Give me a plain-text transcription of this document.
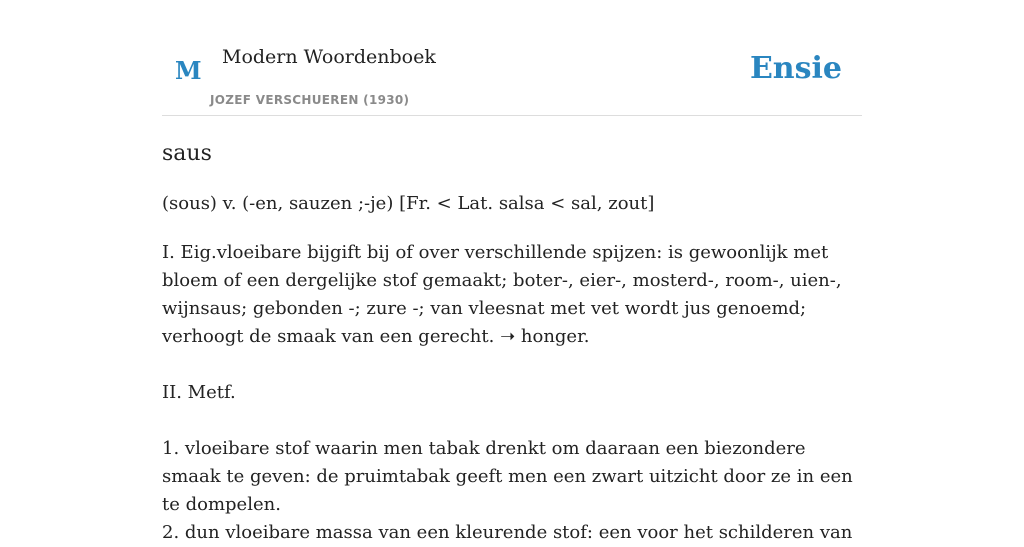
M Modern Woordenboek
JOZEF VERSCHUEREN (1930)
Ensie
saus
(sous) v. (-en, sauzen ;-je) [Fr. < Lat. salsa < sal, zout]

I. Eig.vloeibare bijgift bij of over verschillende spijzen: is gewoonlijk met bloem of een dergelijke stof gemaakt; boter-, eier-, mosterd-, room-, uien-, wijnsaus; gebonden -; zure -; van vleesnat met vet wordt jus genoemd; verhoogt de smaak van een gerecht. ➝ honger.

II. Metf.

1. vloeibare stof waarin men tabak drenkt om daaraan een biezondere smaak te geven: de pruimtabak geeft men een zwart uitzicht door ze in een te dompelen.

2. dun vloeibare massa van een kleurende stof: een voor het schilderen van
